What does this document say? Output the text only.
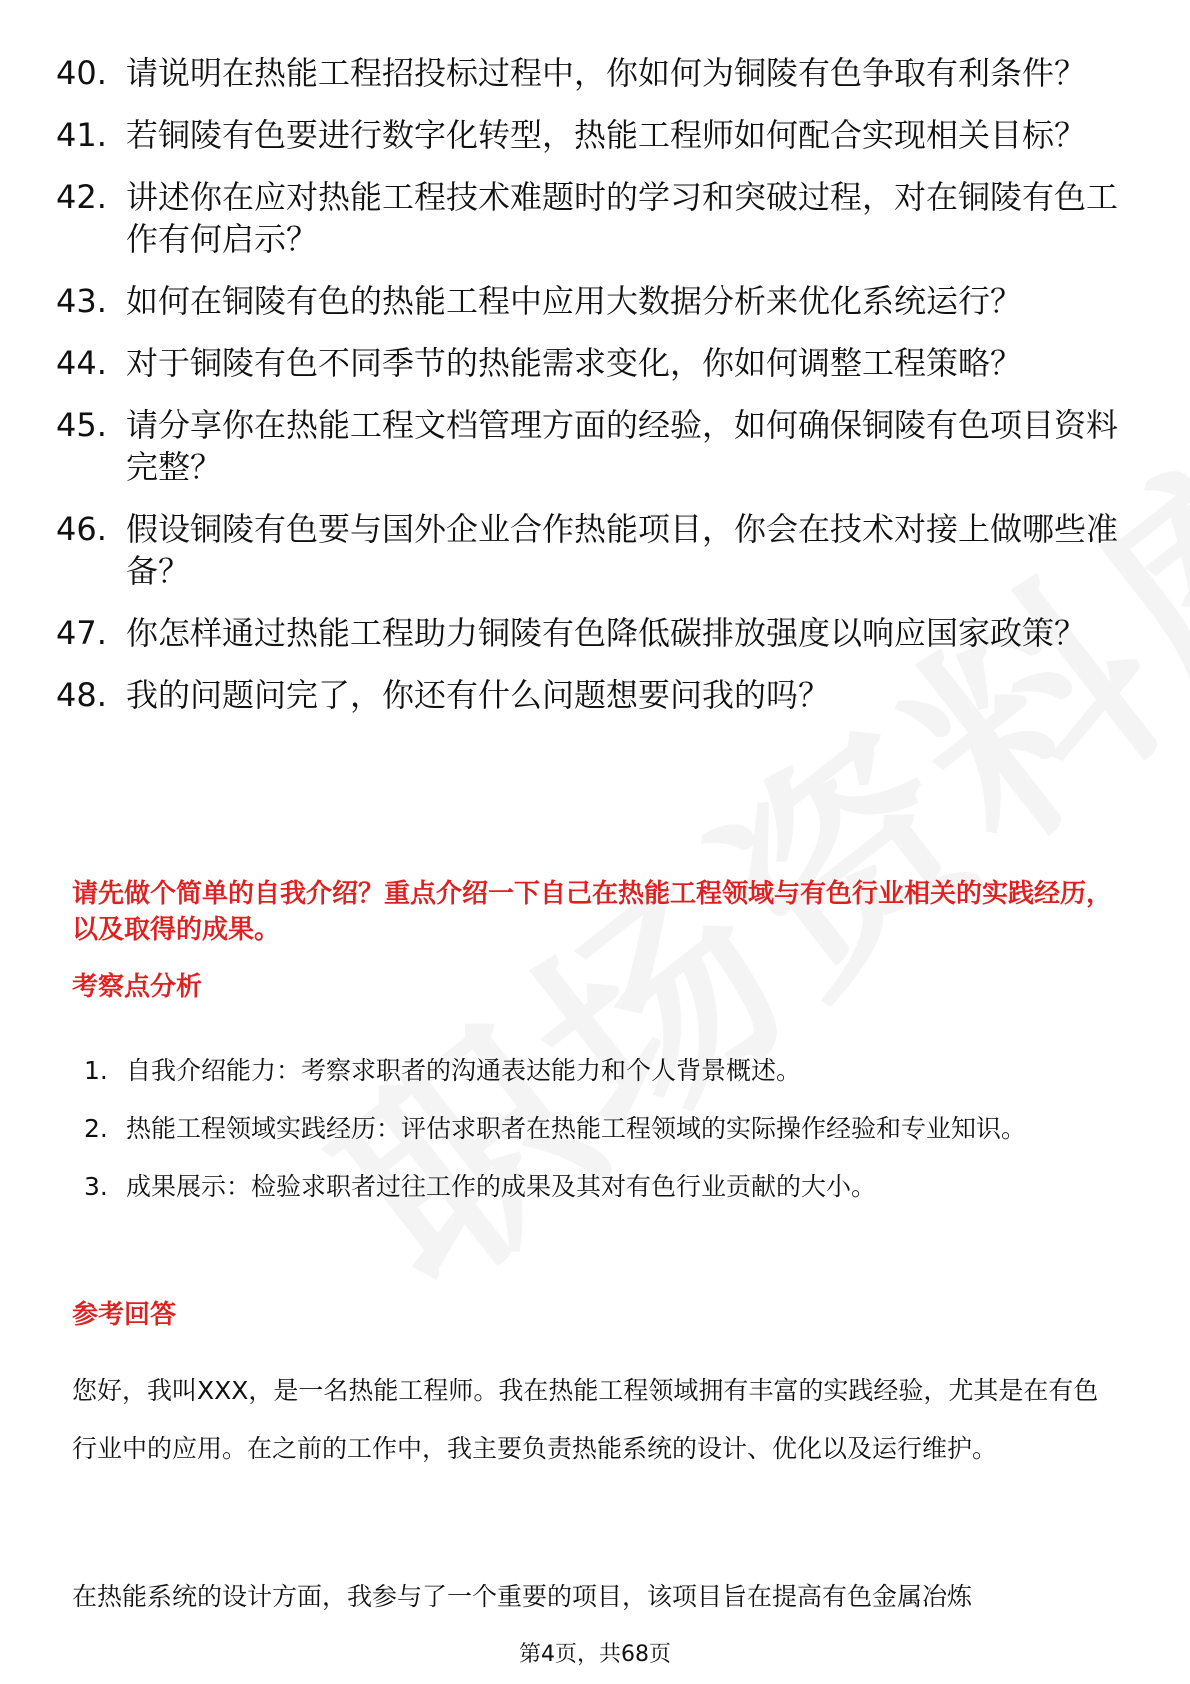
40. 请说明在热能工程招投标过程中，你如何为铜陵有色争取有利条件？
41. 若铜陵有色要进行数字化转型，热能工程师如何配合实现相关目标？
42. 讲述你在应对热能工程技术难题时的学习和突破过程，对在铜陵有色工作有何启示？
43. 如何在铜陵有色的热能工程中应用大数据分析来优化系统运行？
44. 对于铜陵有色不同季节的热能需求变化，你如何调整工程策略？
45. 请分享你在热能工程文档管理方面的经验，如何确保铜陵有色项目资料完整？
46. 假设铜陵有色要与国外企业合作热能项目，你会在技术对接上做哪些准备？
47. 你怎样通过热能工程助力铜陵有色降低碳排放强度以响应国家政策？
48. 我的问题问完了，你还有什么问题想要问我的吗？
请先做个简单的自我介绍？重点介绍一下自己在热能工程领域与有色行业相关的实践经历，以及取得的成果。
考察点分析
1. 自我介绍能力：考察求职者的沟通表达能力和个人背景概述。
2. 热能工程领域实践经历：评估求职者在热能工程领域的实际操作经验和专业知识。
3. 成果展示：检验求职者过往工作的成果及其对有色行业贡献的大小。
参考回答
您好，我叫XXX，是一名热能工程师。我在热能工程领域拥有丰富的实践经验，尤其是在有色行业中的应用。在之前的工作中，我主要负责热能系统的设计、优化以及运行维护。
在热能系统的设计方面，我参与了一个重要的项目，该项目旨在提高有色金属冶炼
第4页，共68页
